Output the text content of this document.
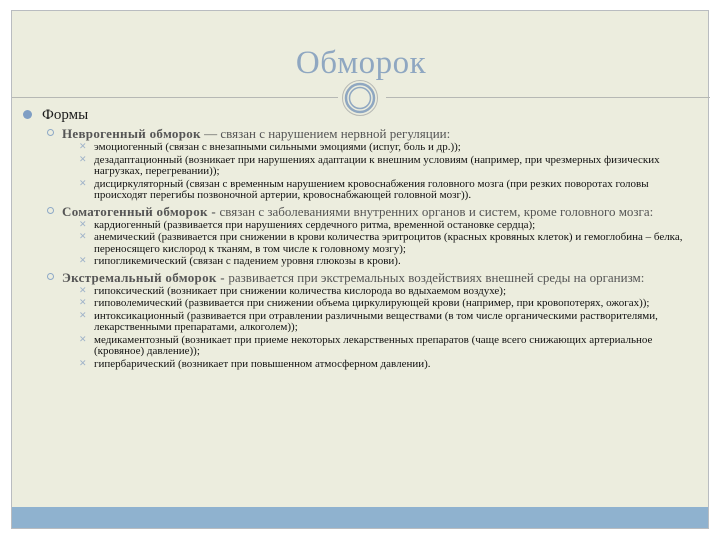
Обморок
Формы
Неврогенный обморок — связан с нарушением нервной регуляции:
✕ эмоциогенный (связан с внезапными сильными эмоциями (испуг, боль и др.));
✕ дезадаптационный (возникает при нарушениях адаптации к внешним условиям (например, при чрезмерных физических нагрузках, перегревании));
✕ дисциркуляторный (связан с временным нарушением кровоснабжения головного мозга (при резких поворотах головы происходят перегибы позвоночной артерии, кровоснабжающей головной мозг)).
Соматогенный обморок - связан с заболеваниями внутренних органов и систем, кроме головного мозга:
✕ кардиогенный (развивается при нарушениях сердечного ритма, временной остановке сердца);
✕ анемический (развивается при снижении в крови количества эритроцитов (красных кровяных клеток) и гемоглобина – белка, переносящего кислород к тканям, в том числе к головному мозгу);
✕ гипогликемический (связан с падением уровня глюкозы в крови).
Экстремальный обморок - развивается при экстремальных воздействиях внешней среды на организм:
✕ гипоксический (возникает при снижении количества кислорода во вдыхаемом воздухе);
✕ гиповолемический (развивается при снижении объема циркулирующей крови (например, при кровопотерях, ожогах));
✕ интоксикационный (развивается при отравлении различными веществами (в том числе органическими растворителями, лекарственными препаратами, алкоголем));
✕ медикаментозный (возникает при приеме некоторых лекарственных препаратов (чаще всего снижающих артериальное (кровяное) давление));
✕ гипербарический (возникает при повышенном атмосферном давлении).
